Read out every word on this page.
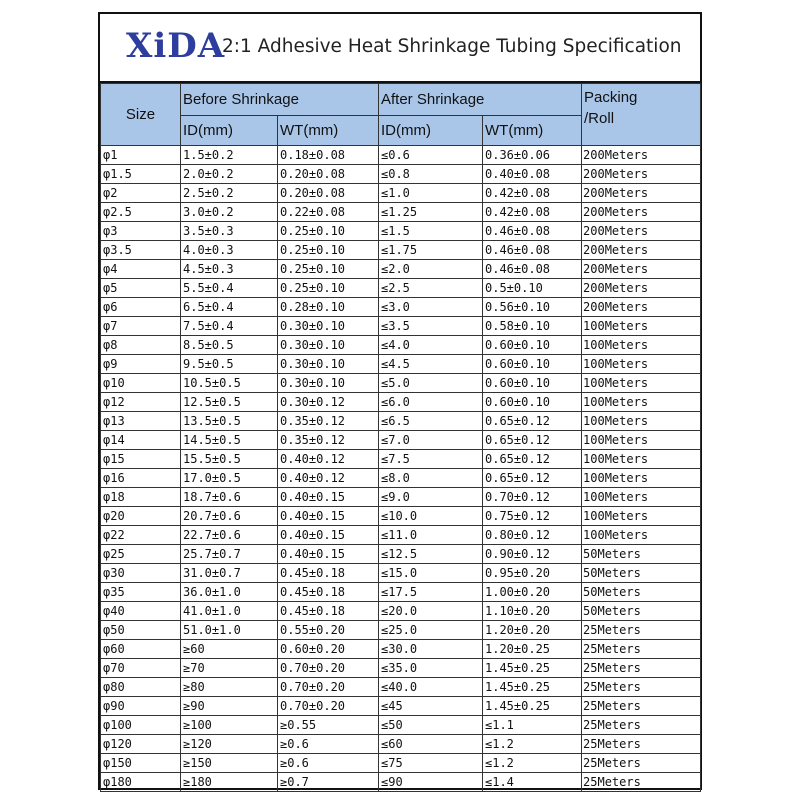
XiDA
2:1 Adhesive Heat Shrinkage Tubing Specification
Size	Before Shrinkage		After Shrinkage		Packing
/Roll
	ID(mm)	WT(mm)	ID(mm)	WT(mm)	
φ1	1.5±0.2	0.18±0.08	≤0.6	0.36±0.06	200Meters
φ1.5	2.0±0.2	0.20±0.08	≤0.8	0.40±0.08	200Meters
φ2	2.5±0.2	0.20±0.08	≤1.0	0.42±0.08	200Meters
φ2.5	3.0±0.2	0.22±0.08	≤1.25	0.42±0.08	200Meters
φ3	3.5±0.3	0.25±0.10	≤1.5	0.46±0.08	200Meters
φ3.5	4.0±0.3	0.25±0.10	≤1.75	0.46±0.08	200Meters
φ4	4.5±0.3	0.25±0.10	≤2.0	0.46±0.08	200Meters
φ5	5.5±0.4	0.25±0.10	≤2.5	0.5±0.10	200Meters
φ6	6.5±0.4	0.28±0.10	≤3.0	0.56±0.10	200Meters
φ7	7.5±0.4	0.30±0.10	≤3.5	0.58±0.10	100Meters
φ8	8.5±0.5	0.30±0.10	≤4.0	0.60±0.10	100Meters
φ9	9.5±0.5	0.30±0.10	≤4.5	0.60±0.10	100Meters
φ10	10.5±0.5	0.30±0.10	≤5.0	0.60±0.10	100Meters
φ12	12.5±0.5	0.30±0.12	≤6.0	0.60±0.10	100Meters
φ13	13.5±0.5	0.35±0.12	≤6.5	0.65±0.12	100Meters
φ14	14.5±0.5	0.35±0.12	≤7.0	0.65±0.12	100Meters
φ15	15.5±0.5	0.40±0.12	≤7.5	0.65±0.12	100Meters
φ16	17.0±0.5	0.40±0.12	≤8.0	0.65±0.12	100Meters
φ18	18.7±0.6	0.40±0.15	≤9.0	0.70±0.12	100Meters
φ20	20.7±0.6	0.40±0.15	≤10.0	0.75±0.12	100Meters
φ22	22.7±0.6	0.40±0.15	≤11.0	0.80±0.12	100Meters
φ25	25.7±0.7	0.40±0.15	≤12.5	0.90±0.12	50Meters
φ30	31.0±0.7	0.45±0.18	≤15.0	0.95±0.20	50Meters
φ35	36.0±1.0	0.45±0.18	≤17.5	1.00±0.20	50Meters
φ40	41.0±1.0	0.45±0.18	≤20.0	1.10±0.20	50Meters
φ50	51.0±1.0	0.55±0.20	≤25.0	1.20±0.20	25Meters
φ60	≥60	0.60±0.20	≤30.0	1.20±0.25	25Meters
φ70	≥70	0.70±0.20	≤35.0	1.45±0.25	25Meters
φ80	≥80	0.70±0.20	≤40.0	1.45±0.25	25Meters
φ90	≥90	0.70±0.20	≤45	1.45±0.25	25Meters
φ100	≥100	≥0.55	≤50	≤1.1	25Meters
φ120	≥120	≥0.6	≤60	≤1.2	25Meters
φ150	≥150	≥0.6	≤75	≤1.2	25Meters
φ180	≥180	≥0.7	≤90	≤1.4	25Meters
